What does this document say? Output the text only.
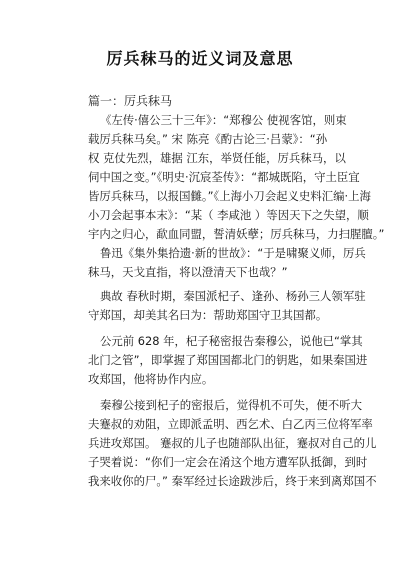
厉兵秣马的近义词及意思
篇一：厉兵秣马
《左传·僖公三十三年》：“郑穆公 使视客馆，则束
载厉兵秣马矣。” 宋 陈亮《酌古论三·吕蒙》：“孙
权 克仗先烈，雄据 江东，举贤任能，厉兵秣马，以
伺中国之变。”《明史·沉宸荃传》：“都城既陷，守土臣宜
皆厉兵秣马，以报国雠。”《上海小刀会起义史料汇编·上海
小刀会起事本末》：“某（ 李咸池 ）等因天下之失望，顺
宇内之归心，歃血同盟，誓清妖孽；厉兵秣马，力扫腥膻。”
鲁迅《集外集拾遗·新的世故》：“于是啸聚义师，厉兵
秣马，天戈直指，将以澄清天下也哉？”
典故 春秋时期，秦国派杞子、逢孙、杨孙三人领军驻
守郑国，却美其名曰为：帮助郑国守卫其国都。
公元前 628 年，杞子秘密报告秦穆公，说他已“掌其
北门之管”，即掌握了郑国国都北门的钥匙，如果秦国进
攻郑国，他将协作内应。
秦穆公接到杞子的密报后，觉得机不可失，便不听大
夫蹇叔的劝阻，立即派孟明、西乞术、白乙丙三位将军率
兵进攻郑国。 蹇叔的儿子也随部队出征，蹇叔对自己的儿
子哭着说：“你们一定会在淆这个地方遭军队抵御，到时
我来收你的尸。” 秦军经过长途跋涉后，终于来到离郑国不
